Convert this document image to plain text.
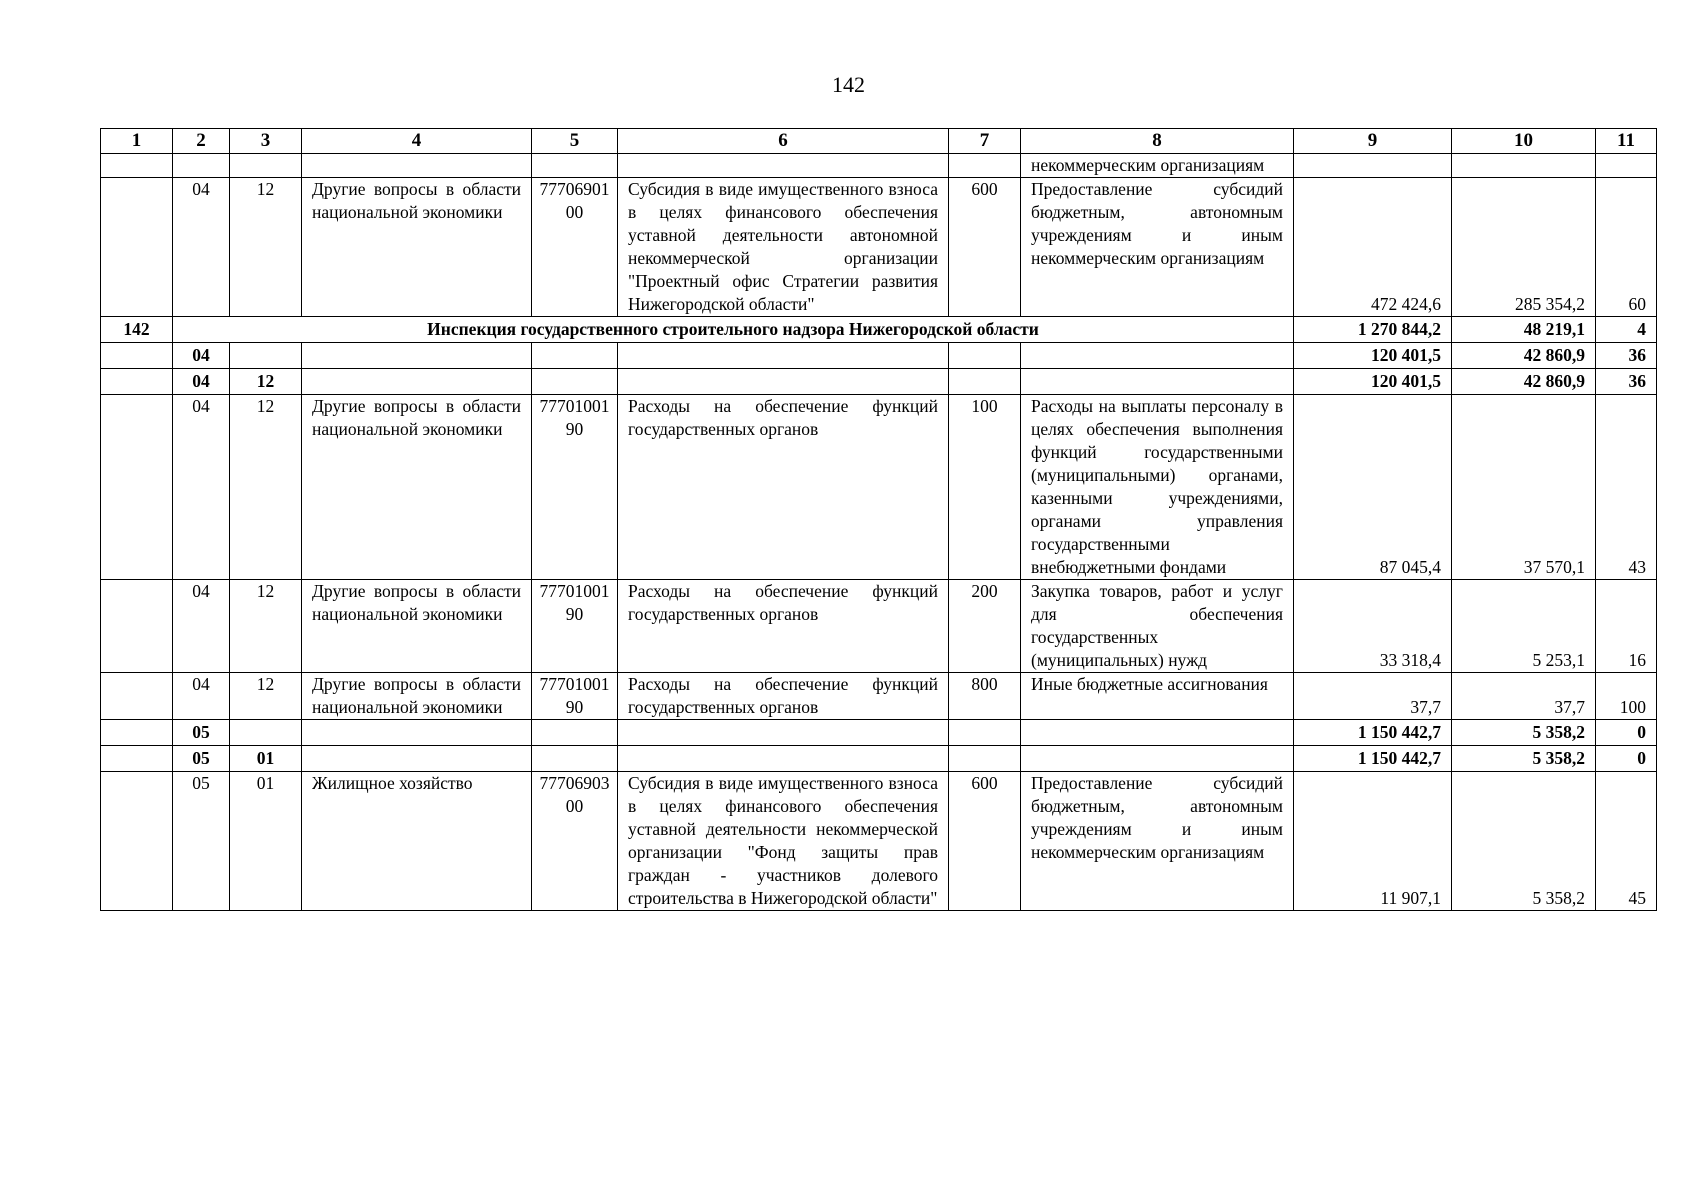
142
1	2	3	4	5	6	7	8	9	10	11
							некоммерческим организациям			
	04	12	Другие вопросы в области национальной экономики	7770690100	Субсидия в виде имущественного взноса в целях финансового обеспечения уставной деятельности автономной некоммерческой организации "Проектный офис Стратегии развития Нижегородской области"	600	Предоставление субсидий бюджетным, автономным учреждениям и иным некоммерческим организациям	472 424,6	285 354,2	60
142	Инспекция государственного строительного надзора Нижегородской области							1 270 844,2	48 219,1	4
	04							120 401,5	42 860,9	36
	04	12						120 401,5	42 860,9	36
	04	12	Другие вопросы в области национальной экономики	7770100190	Расходы на обеспечение функций государственных органов	100	Расходы на выплаты персоналу в целях обеспечения выполнения функций государственными (муниципальными) органами, казенными учреждениями, органами управления государственными внебюджетными фондами	87 045,4	37 570,1	43
	04	12	Другие вопросы в области национальной экономики	7770100190	Расходы на обеспечение функций государственных органов	200	Закупка товаров, работ и услуг для обеспечения государственных (муниципальных) нужд	33 318,4	5 253,1	16
	04	12	Другие вопросы в области национальной экономики	7770100190	Расходы на обеспечение функций государственных органов	800	Иные бюджетные ассигнования	37,7	37,7	100
	05							1 150 442,7	5 358,2	0
	05	01						1 150 442,7	5 358,2	0
	05	01	Жилищное хозяйство	7770690300	Субсидия в виде имущественного взноса в целях финансового обеспечения уставной деятельности некоммерческой организации "Фонд защиты прав граждан - участников долевого строительства в Нижегородской области"	600	Предоставление субсидий бюджетным, автономным учреждениям и иным некоммерческим организациям	11 907,1	5 358,2	45
